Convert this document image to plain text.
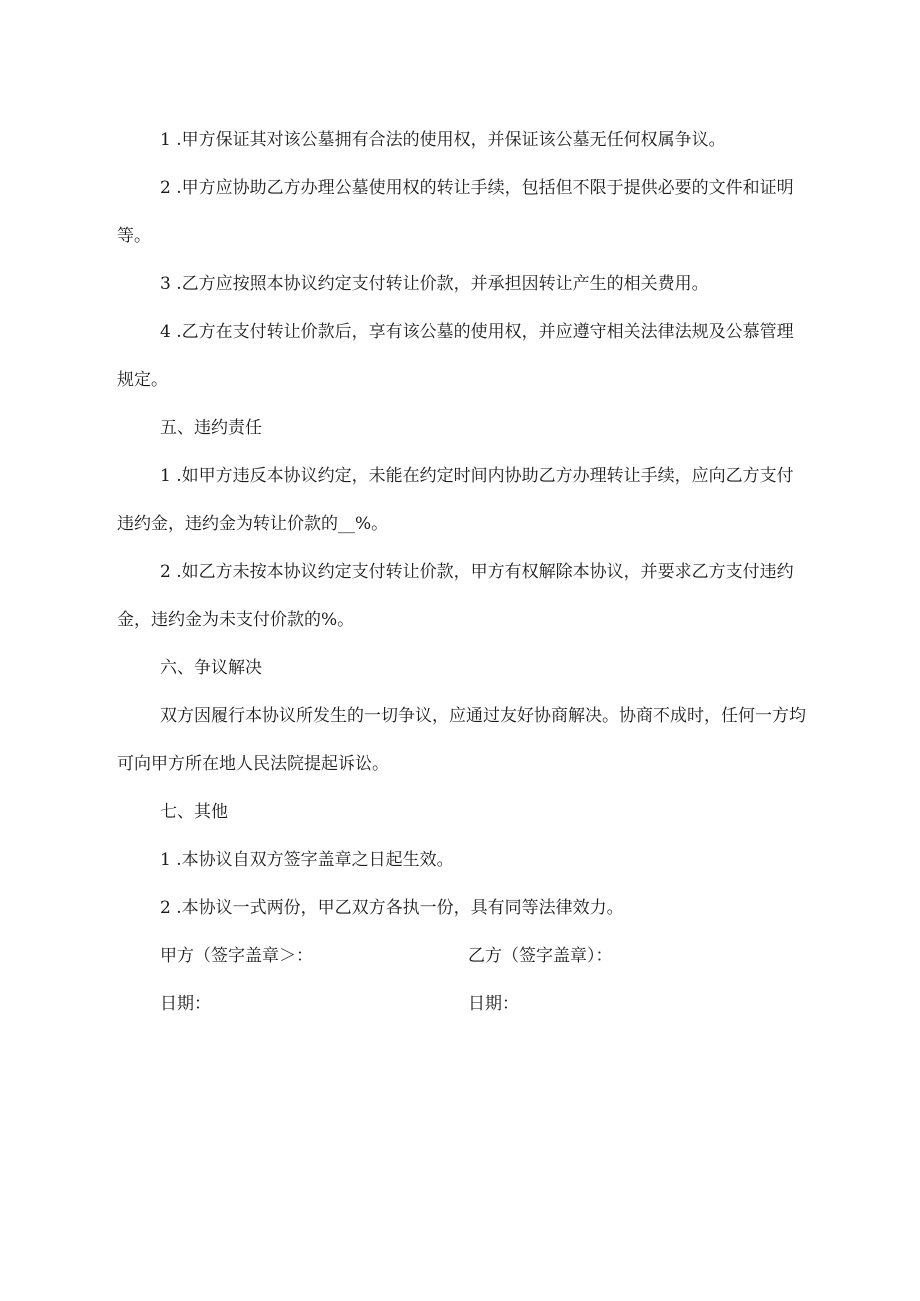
1 .甲方保证其对该公墓拥有合法的使用权，并保证该公墓无任何权属争议。

2 .甲方应协助乙方办理公墓使用权的转让手续，包括但不限于提供必要的文件和证明等。

3 .乙方应按照本协议约定支付转让价款，并承担因转让产生的相关费用。

4 .乙方在支付转让价款后，享有该公墓的使用权，并应遵守相关法律法规及公慕管理规定。

五、违约责任

1 .如甲方违反本协议约定，未能在约定时间内协助乙方办理转让手续，应向乙方支付违约金，违约金为转让价款的__%。

2 .如乙方未按本协议约定支付转让价款，甲方有权解除本协议，并要求乙方支付违约金，违约金为未支付价款的%。

六、争议解决

双方因履行本协议所发生的一切争议，应通过友好协商解决。协商不成时，任何一方均可向甲方所在地人民法院提起诉讼。

七、其他

1 .本协议自双方签字盖章之日起生效。

2 .本协议一式两份，甲乙双方各执一份，具有同等法律效力。

甲方（签字盖章＞：	乙方（签字盖章）：
日期：	日期：
